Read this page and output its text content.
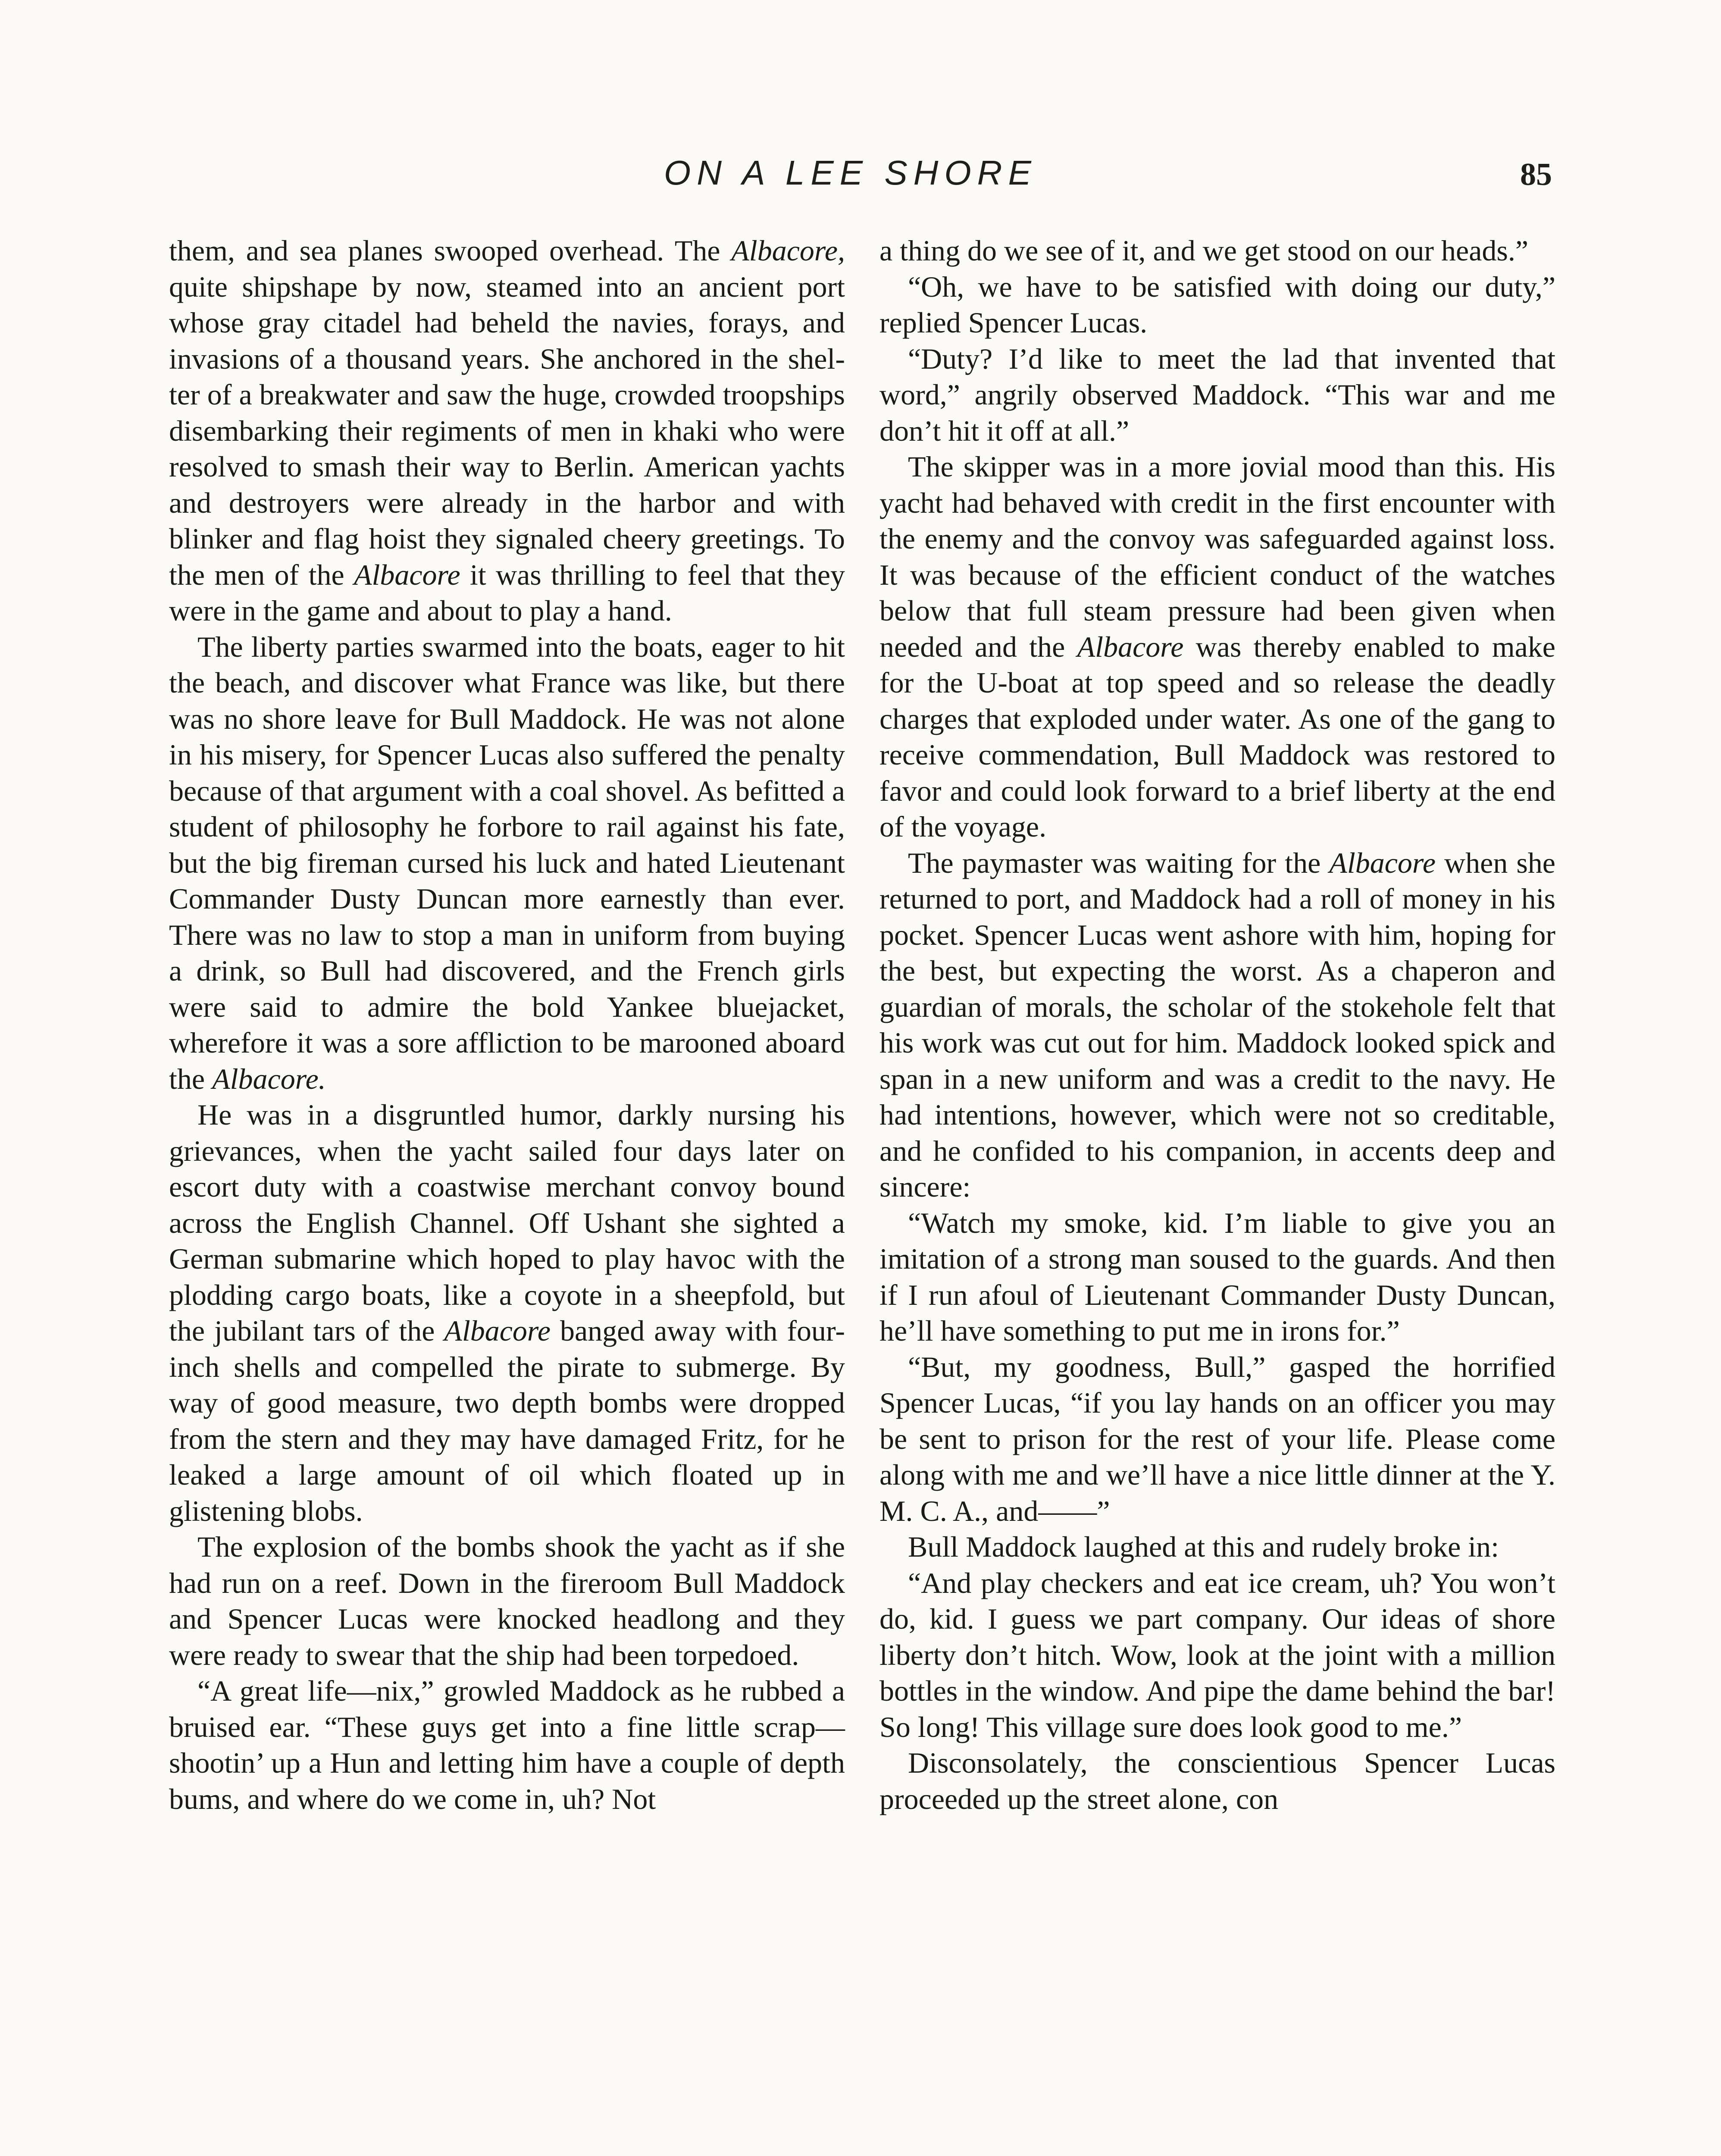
ON A LEE SHORE	85

them, and sea planes swooped overhead. The Albacore, quite shipshape by now, steamed into an ancient port whose gray citadel had beheld the navies, forays, and invasions of a thousand years. She anchored in the shelter of a breakwater and saw the huge, crowded troopships disembarking their regiments of men in khaki who were resolved to smash their way to Berlin. American yachts and destroyers were already in the harbor and with blinker and flag hoist they signaled cheery greetings. To the men of the Albacore it was thrilling to feel that they were in the game and about to play a hand.

The liberty parties swarmed into the boats, eager to hit the beach, and discover what France was like, but there was no shore leave for Bull Maddock. He was not alone in his misery, for Spencer Lucas also suffered the penalty because of that argument with a coal shovel. As befitted a student of philosophy he forbore to rail against his fate, but the big fireman cursed his luck and hated Lieutenant Commander Dusty Duncan more earnestly than ever. There was no law to stop a man in uniform from buying a drink, so Bull had discovered, and the French girls were said to admire the bold Yankee bluejacket, wherefore it was a sore affliction to be marooned aboard the Albacore.

He was in a disgruntled humor, darkly nursing his grievances, when the yacht sailed four days later on escort duty with a coastwise merchant convoy bound across the English Channel. Off Ushant she sighted a German submarine which hoped to play havoc with the plodding cargo boats, like a coyote in a sheepfold, but the jubilant tars of the Albacore banged away with four-inch shells and compelled the pirate to submerge. By way of good measure, two depth bombs were dropped from the stern and they may have damaged Fritz, for he leaked a large amount of oil which floated up in glistening blobs.

The explosion of the bombs shook the yacht as if she had run on a reef. Down in the fireroom Bull Maddock and Spencer Lucas were knocked headlong and they were ready to swear that the ship had been torpedoed.

“A great life—nix,” growled Maddock as he rubbed a bruised ear. “These guys get into a fine little scrap—shootin’ up a Hun and letting him have a couple of depth bums, and where do we come in, uh? Not

a thing do we see of it, and we get stood on our heads.”

“Oh, we have to be satisfied with doing our duty,” replied Spencer Lucas.

“Duty? I’d like to meet the lad that invented that word,” angrily observed Maddock. “This war and me don’t hit it off at all.”

The skipper was in a more jovial mood than this. His yacht had behaved with credit in the first encounter with the enemy and the convoy was safeguarded against loss. It was because of the efficient conduct of the watches below that full steam pressure had been given when needed and the Albacore was thereby enabled to make for the U-boat at top speed and so release the deadly charges that exploded under water. As one of the gang to receive commendation, Bull Maddock was restored to favor and could look forward to a brief liberty at the end of the voyage.

The paymaster was waiting for the Albacore when she returned to port, and Maddock had a roll of money in his pocket. Spencer Lucas went ashore with him, hoping for the best, but expecting the worst. As a chaperon and guardian of morals, the scholar of the stokehole felt that his work was cut out for him. Maddock looked spick and span in a new uniform and was a credit to the navy. He had intentions, however, which were not so creditable, and he confided to his companion, in accents deep and sincere:

“Watch my smoke, kid. I’m liable to give you an imitation of a strong man soused to the guards. And then if I run afoul of Lieutenant Commander Dusty Duncan, he’ll have something to put me in irons for.”

“But, my goodness, Bull,” gasped the horrified Spencer Lucas, “if you lay hands on an officer you may be sent to prison for the rest of your life. Please come along with me and we’ll have a nice little dinner at the Y. M. C. A., and——”

Bull Maddock laughed at this and rudely broke in:

“And play checkers and eat ice cream, uh? You won’t do, kid. I guess we part company. Our ideas of shore liberty don’t hitch. Wow, look at the joint with a million bottles in the window. And pipe the dame behind the bar! So long! This village sure does look good to me.”

Disconsolately, the conscientious Spencer Lucas proceeded up the street alone, con
